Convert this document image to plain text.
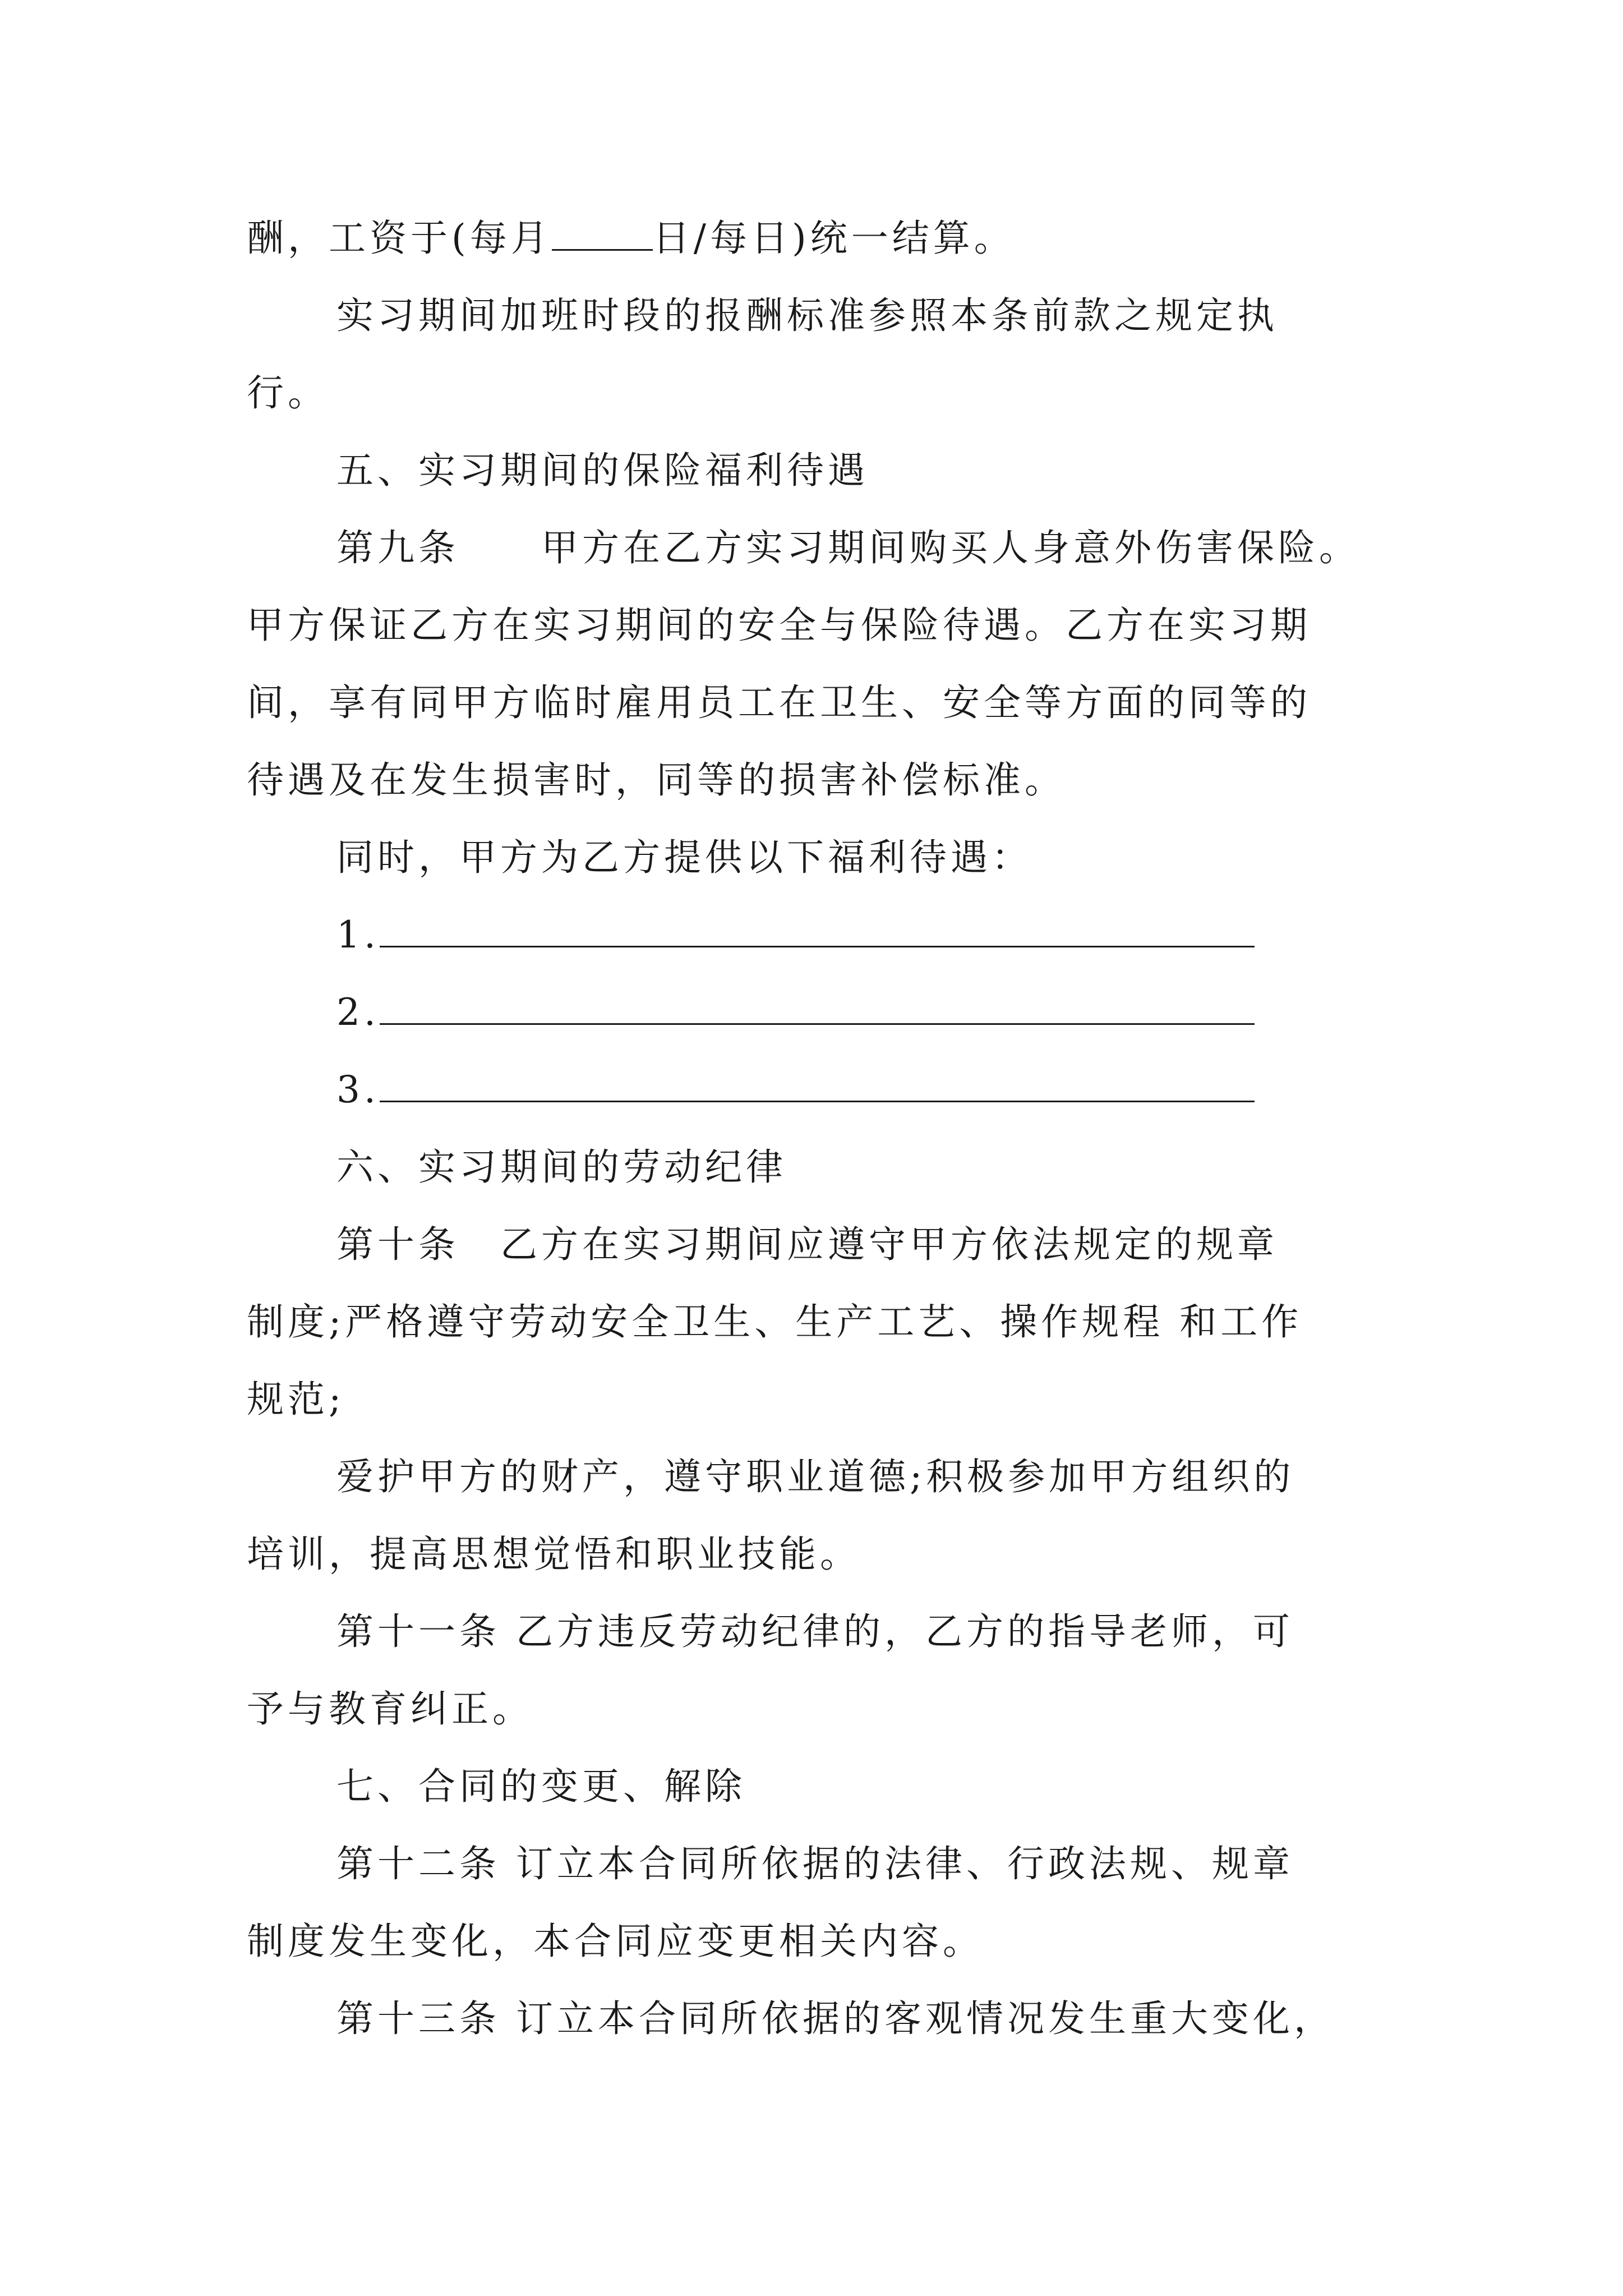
酬，工资于(每月	日/每日)统一结算。
实习期间加班时段的报酬标准参照本条前款之规定执
行。
五、实习期间的保险福利待遇
第九条　　甲方在乙方实习期间购买人身意外伤害保险。
甲方保证乙方在实习期间的安全与保险待遇。乙方在实习期
间，享有同甲方临时雇用员工在卫生、安全等方面的同等的
待遇及在发生损害时，同等的损害补偿标准。
同时，甲方为乙方提供以下福利待遇：
1.
2.
3.
六、实习期间的劳动纪律
第十条　乙方在实习期间应遵守甲方依法规定的规章
制度;严格遵守劳动安全卫生、生产工艺、操作规程 和工作
规范;
爱护甲方的财产，遵守职业道德;积极参加甲方组织的
培训，提高思想觉悟和职业技能。
第十一条 乙方违反劳动纪律的，乙方的指导老师，可
予与教育纠正。
七、合同的变更、解除
第十二条 订立本合同所依据的法律、行政法规、规章
制度发生变化，本合同应变更相关内容。
第十三条 订立本合同所依据的客观情况发生重大变化，
